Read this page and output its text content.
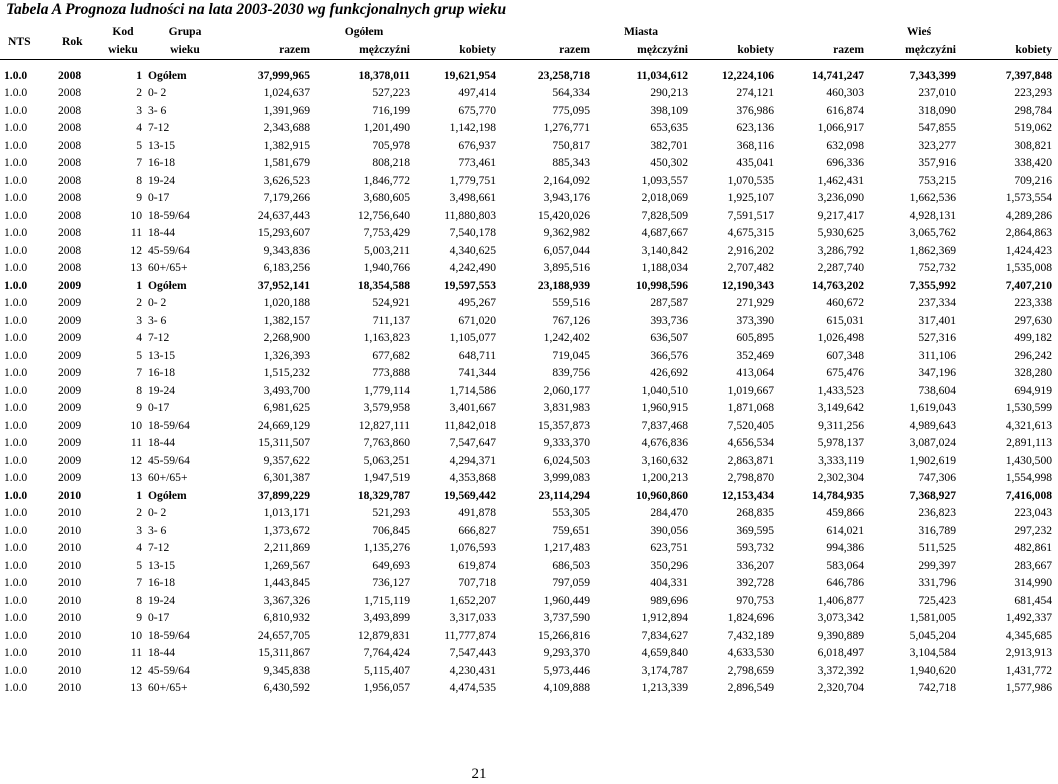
Tabela A Prognoza ludności na lata 2003-2030 wg funkcjonalnych grup wieku
NTS	Rok	Kod	Grupa	Ogółem			Miasta			Wieś		
		wieku	wieku	razem	mężczyźni	kobiety	razem	mężczyźni	kobiety	razem	mężczyźni	kobiety

1.0.0	2008	1	Ogółem	37,999,965	18,378,011	19,621,954	23,258,718	11,034,612	12,224,106	14,741,247	7,343,399	7,397,848
1.0.0	2008	2	0- 2	1,024,637	527,223	497,414	564,334	290,213	274,121	460,303	237,010	223,293
1.0.0	2008	3	3- 6	1,391,969	716,199	675,770	775,095	398,109	376,986	616,874	318,090	298,784
1.0.0	2008	4	7-12	2,343,688	1,201,490	1,142,198	1,276,771	653,635	623,136	1,066,917	547,855	519,062
1.0.0	2008	5	13-15	1,382,915	705,978	676,937	750,817	382,701	368,116	632,098	323,277	308,821
1.0.0	2008	7	16-18	1,581,679	808,218	773,461	885,343	450,302	435,041	696,336	357,916	338,420
1.0.0	2008	8	19-24	3,626,523	1,846,772	1,779,751	2,164,092	1,093,557	1,070,535	1,462,431	753,215	709,216
1.0.0	2008	9	0-17	7,179,266	3,680,605	3,498,661	3,943,176	2,018,069	1,925,107	3,236,090	1,662,536	1,573,554
1.0.0	2008	10	18-59/64	24,637,443	12,756,640	11,880,803	15,420,026	7,828,509	7,591,517	9,217,417	4,928,131	4,289,286
1.0.0	2008	11	18-44	15,293,607	7,753,429	7,540,178	9,362,982	4,687,667	4,675,315	5,930,625	3,065,762	2,864,863
1.0.0	2008	12	45-59/64	9,343,836	5,003,211	4,340,625	6,057,044	3,140,842	2,916,202	3,286,792	1,862,369	1,424,423
1.0.0	2008	13	60+/65+	6,183,256	1,940,766	4,242,490	3,895,516	1,188,034	2,707,482	2,287,740	752,732	1,535,008
1.0.0	2009	1	Ogółem	37,952,141	18,354,588	19,597,553	23,188,939	10,998,596	12,190,343	14,763,202	7,355,992	7,407,210
1.0.0	2009	2	0- 2	1,020,188	524,921	495,267	559,516	287,587	271,929	460,672	237,334	223,338
1.0.0	2009	3	3- 6	1,382,157	711,137	671,020	767,126	393,736	373,390	615,031	317,401	297,630
1.0.0	2009	4	7-12	2,268,900	1,163,823	1,105,077	1,242,402	636,507	605,895	1,026,498	527,316	499,182
1.0.0	2009	5	13-15	1,326,393	677,682	648,711	719,045	366,576	352,469	607,348	311,106	296,242
1.0.0	2009	7	16-18	1,515,232	773,888	741,344	839,756	426,692	413,064	675,476	347,196	328,280
1.0.0	2009	8	19-24	3,493,700	1,779,114	1,714,586	2,060,177	1,040,510	1,019,667	1,433,523	738,604	694,919
1.0.0	2009	9	0-17	6,981,625	3,579,958	3,401,667	3,831,983	1,960,915	1,871,068	3,149,642	1,619,043	1,530,599
1.0.0	2009	10	18-59/64	24,669,129	12,827,111	11,842,018	15,357,873	7,837,468	7,520,405	9,311,256	4,989,643	4,321,613
1.0.0	2009	11	18-44	15,311,507	7,763,860	7,547,647	9,333,370	4,676,836	4,656,534	5,978,137	3,087,024	2,891,113
1.0.0	2009	12	45-59/64	9,357,622	5,063,251	4,294,371	6,024,503	3,160,632	2,863,871	3,333,119	1,902,619	1,430,500
1.0.0	2009	13	60+/65+	6,301,387	1,947,519	4,353,868	3,999,083	1,200,213	2,798,870	2,302,304	747,306	1,554,998
1.0.0	2010	1	Ogółem	37,899,229	18,329,787	19,569,442	23,114,294	10,960,860	12,153,434	14,784,935	7,368,927	7,416,008
1.0.0	2010	2	0- 2	1,013,171	521,293	491,878	553,305	284,470	268,835	459,866	236,823	223,043
1.0.0	2010	3	3- 6	1,373,672	706,845	666,827	759,651	390,056	369,595	614,021	316,789	297,232
1.0.0	2010	4	7-12	2,211,869	1,135,276	1,076,593	1,217,483	623,751	593,732	994,386	511,525	482,861
1.0.0	2010	5	13-15	1,269,567	649,693	619,874	686,503	350,296	336,207	583,064	299,397	283,667
1.0.0	2010	7	16-18	1,443,845	736,127	707,718	797,059	404,331	392,728	646,786	331,796	314,990
1.0.0	2010	8	19-24	3,367,326	1,715,119	1,652,207	1,960,449	989,696	970,753	1,406,877	725,423	681,454
1.0.0	2010	9	0-17	6,810,932	3,493,899	3,317,033	3,737,590	1,912,894	1,824,696	3,073,342	1,581,005	1,492,337
1.0.0	2010	10	18-59/64	24,657,705	12,879,831	11,777,874	15,266,816	7,834,627	7,432,189	9,390,889	5,045,204	4,345,685
1.0.0	2010	11	18-44	15,311,867	7,764,424	7,547,443	9,293,370	4,659,840	4,633,530	6,018,497	3,104,584	2,913,913
1.0.0	2010	12	45-59/64	9,345,838	5,115,407	4,230,431	5,973,446	3,174,787	2,798,659	3,372,392	1,940,620	1,431,772
1.0.0	2010	13	60+/65+	6,430,592	1,956,057	4,474,535	4,109,888	1,213,339	2,896,549	2,320,704	742,718	1,577,986
21
